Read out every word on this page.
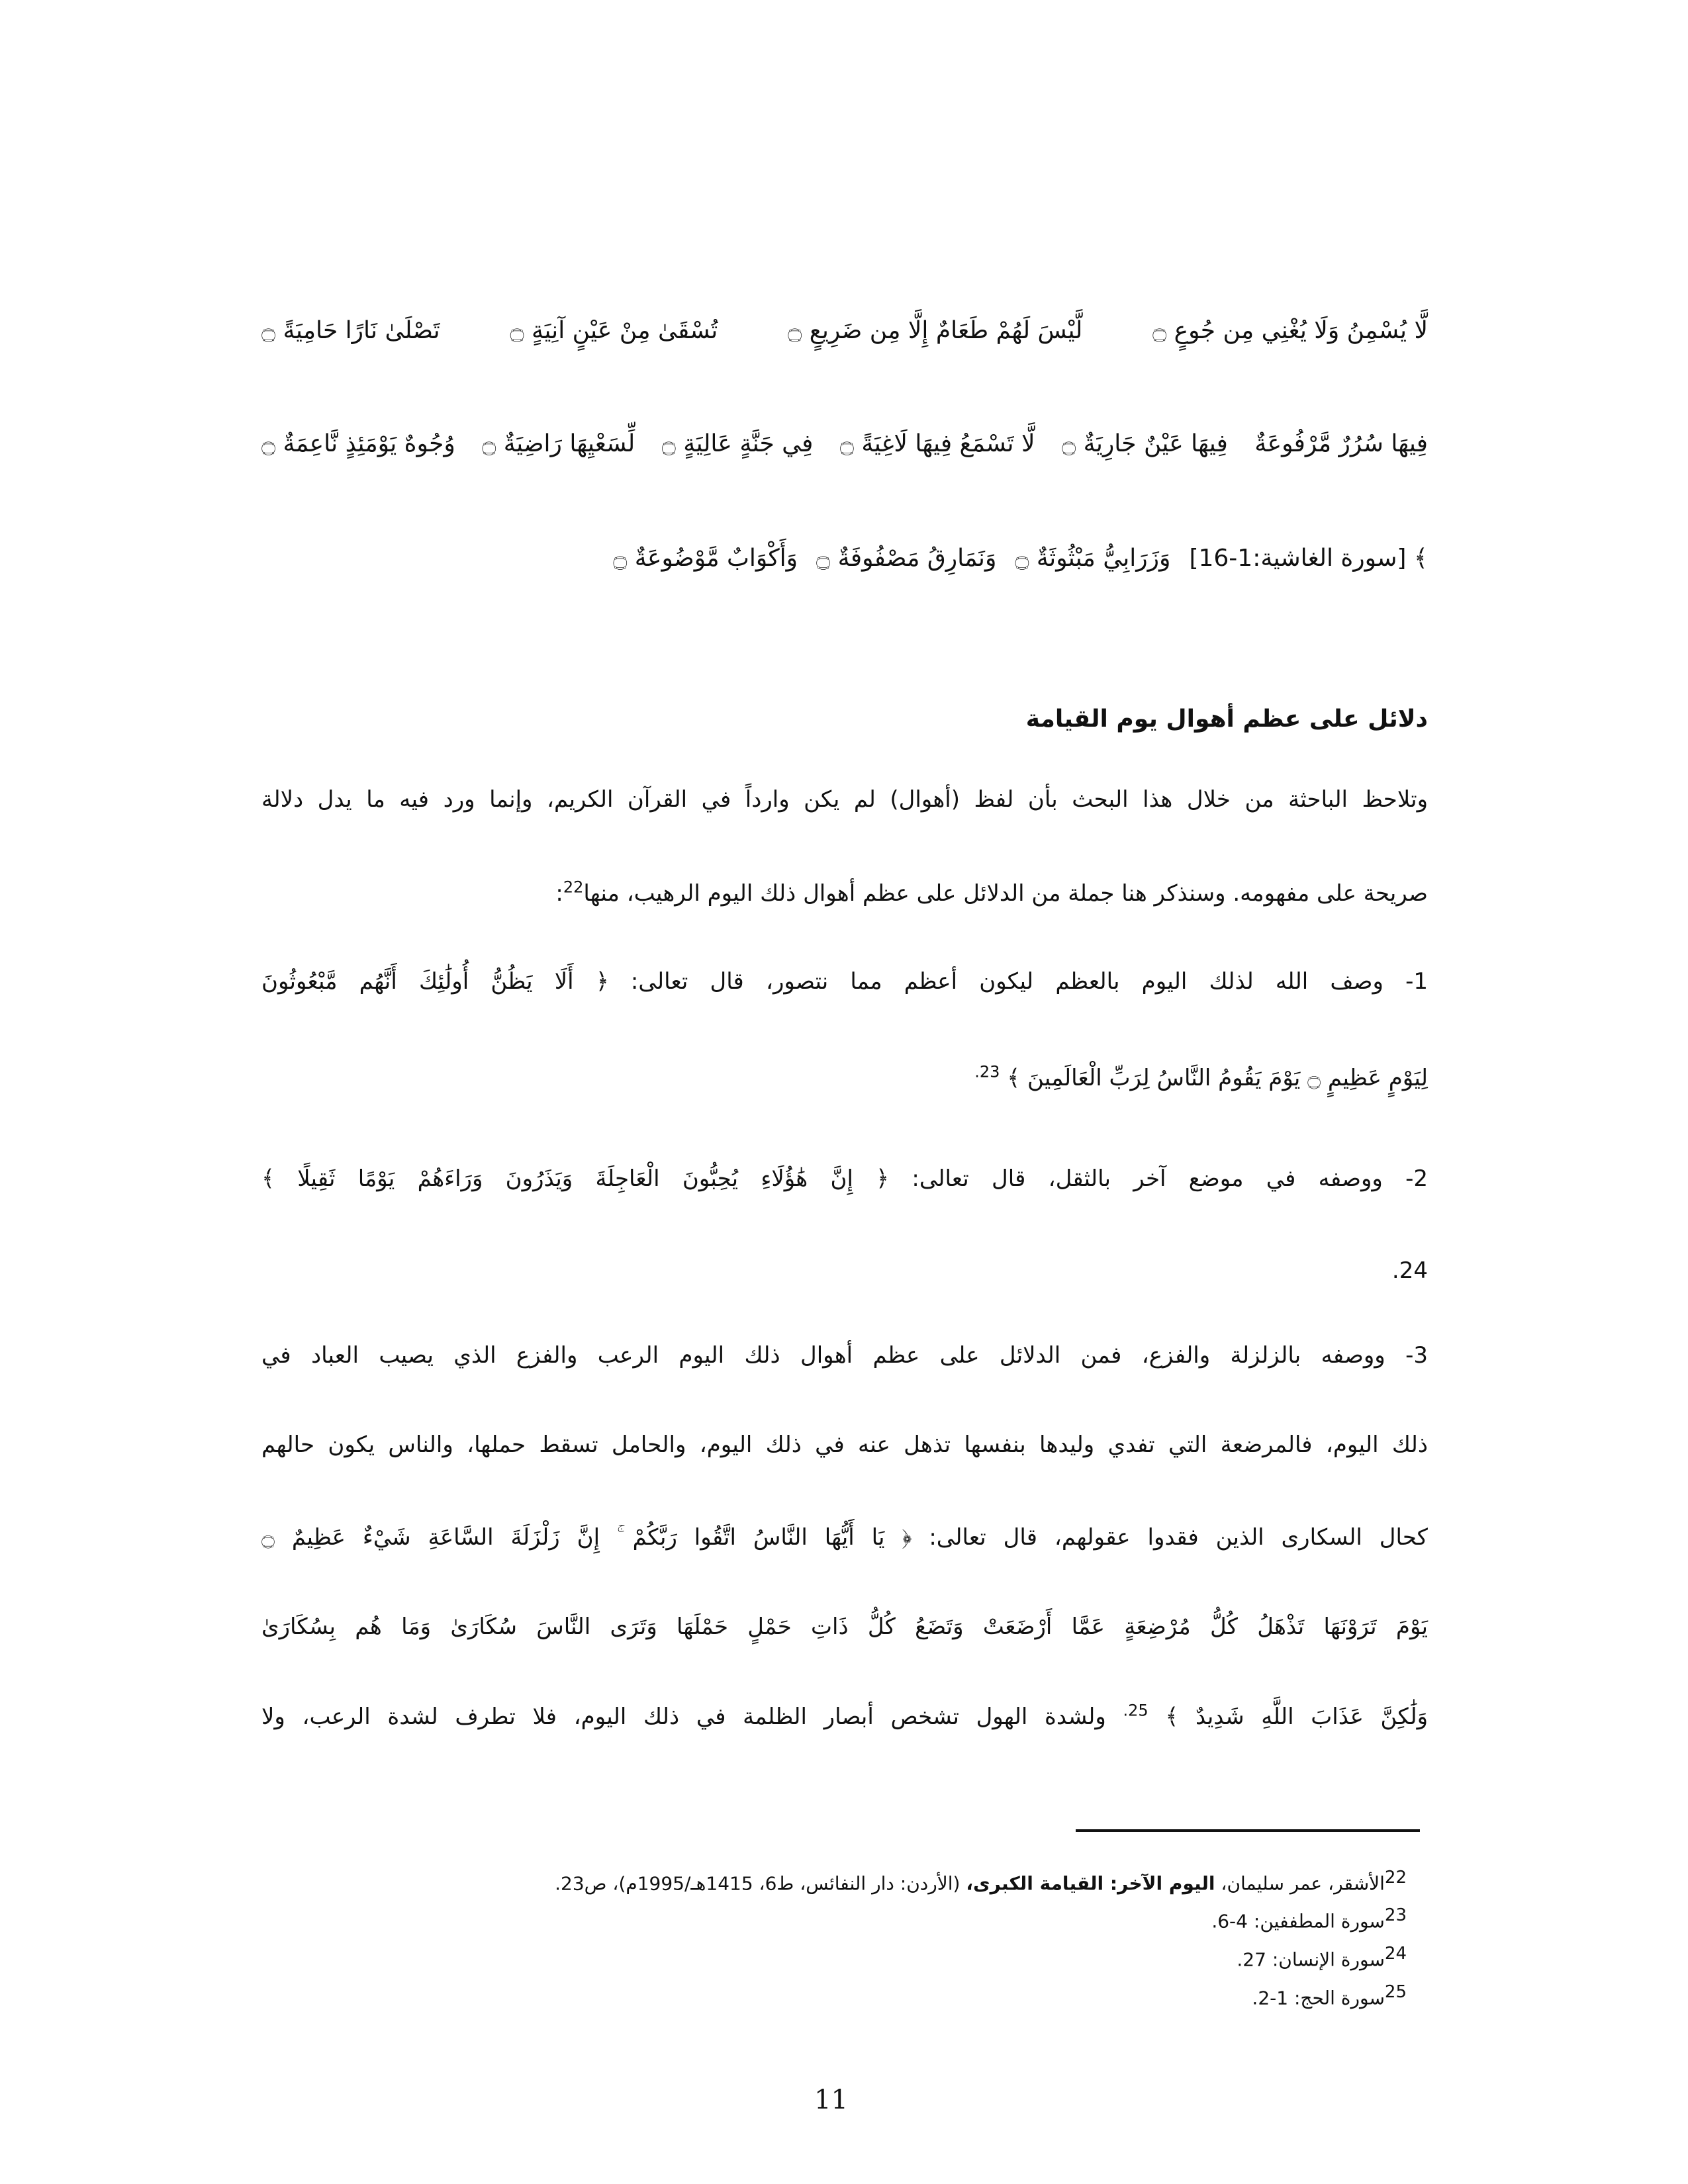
تَصْلَىٰ نَارًا حَامِيَةً ۝	تُسْقَىٰ مِنْ عَيْنٍ آنِيَةٍ ۝	لَّيْسَ لَهُمْ طَعَامٌ إِلَّا مِن ضَرِيعٍ ۝	لَّا يُسْمِنُ وَلَا يُغْنِي مِن جُوعٍ ۝
وُجُوهٌ يَوْمَئِذٍ نَّاعِمَةٌ ۝ لِّسَعْيِهَا رَاضِيَةٌ ۝ فِي جَنَّةٍ عَالِيَةٍ ۝ لَّا تَسْمَعُ فِيهَا لَاغِيَةً ۝ فِيهَا عَيْنٌ جَارِيَةٌ ۝ فِيهَا سُرُرٌ مَّرْفُوعَةٌ
وَأَكْوَابٌ مَّوْضُوعَةٌ ۝ وَنَمَارِقُ مَصْفُوفَةٌ ۝ وَزَرَابِيُّ مَبْثُوثَةٌ ۝ ﴾ [سورة الغاشية:1-16]
دلائل على عظم أهوال يوم القيامة
وتلاحظ الباحثة من خلال هذا البحث بأن لفظ (أهوال) لم يكن وارداً في القرآن الكريم، وإنما ورد فيه ما يدل دلالة
صريحة على مفهومه. وسنذكر هنا جملة من الدلائل على عظم أهوال ذلك اليوم الرهيب، منها$^{22}$:
1- وصف الله لذلك اليوم بالعظم ليكون أعظم مما نتصور، قال تعالى: ﴿ أَلَا يَظُنُّ أُولَٰئِكَ أَنَّهُم مَّبْعُوثُونَ
لِيَوْمٍ عَظِيمٍ ۝ يَوْمَ يَقُومُ النَّاسُ لِرَبِّ الْعَالَمِينَ ﴾ $^{23.}$
2- ووصفه في موضع آخر بالثقل، قال تعالى: ﴿ إِنَّ هَٰؤُلَاءِ يُحِبُّونَ الْعَاجِلَةَ وَيَذَرُونَ وَرَاءَهُمْ يَوْمًا ثَقِيلًا ﴾
24.
3- ووصفه بالزلزلة والفزع، فمن الدلائل على عظم أهوال ذلك اليوم الرعب والفزع الذي يصيب العباد في
ذلك اليوم، فالمرضعة التي تفدي وليدها بنفسها تذهل عنه في ذلك اليوم، والحامل تسقط حملها، والناس يكون حالهم
كحال السكارى الذين فقدوا عقولهم، قال تعالى: ﴿ يَا أَيُّهَا النَّاسُ اتَّقُوا رَبَّكُمْ ۚ إِنَّ زَلْزَلَةَ السَّاعَةِ شَيْءٌ عَظِيمٌ ۝
يَوْمَ تَرَوْنَهَا تَذْهَلُ كُلُّ مُرْضِعَةٍ عَمَّا أَرْضَعَتْ وَتَضَعُ كُلُّ ذَاتِ حَمْلٍ حَمْلَهَا وَتَرَى النَّاسَ سُكَارَىٰ وَمَا هُم بِسُكَارَىٰ
وَلَٰكِنَّ عَذَابَ اللَّهِ شَدِيدٌ ﴾ $^{25.}$ ولشدة الهول تشخص أبصار الظلمة في ذلك اليوم، فلا تطرف لشدة الرعب، ولا
22الأشقر، عمر سليمان، اليوم الآخر: القيامة الكبرى، (الأردن: دار النفائس، ط6، 1415هـ/1995م)، ص23.
23سورة المطففين: 4-6.
24سورة الإنسان: 27.
25سورة الحج: 1-2.
11
